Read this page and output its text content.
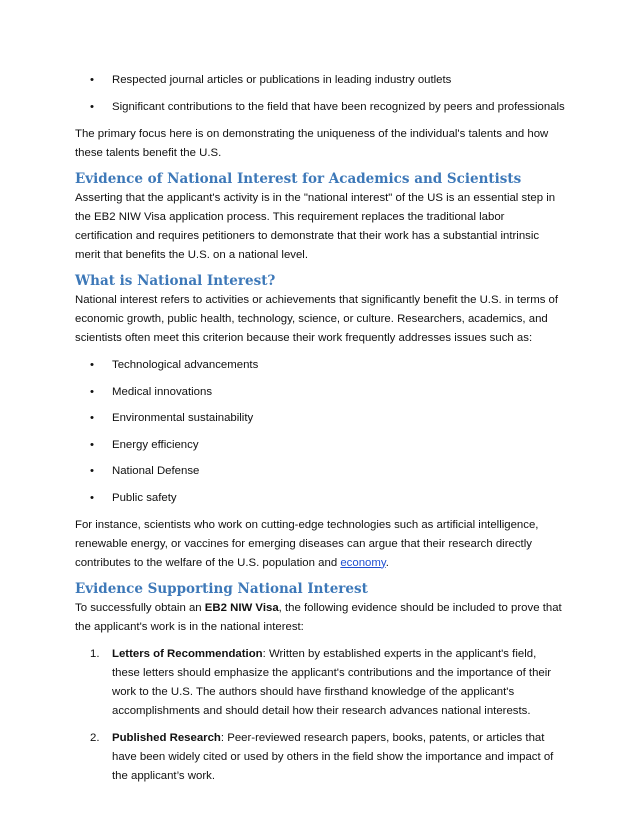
• Respected journal articles or publications in leading industry outlets
• Significant contributions to the field that have been recognized by peers and professionals

The primary focus here is on demonstrating the uniqueness of the individual's talents and how these talents benefit the U.S.

Evidence of National Interest for Academics and Scientists

Asserting that the applicant's activity is in the "national interest" of the US is an essential step in the EB2 NIW Visa application process. This requirement replaces the traditional labor certification and requires petitioners to demonstrate that their work has a substantial intrinsic merit that benefits the U.S. on a national level.

What is National Interest?

National interest refers to activities or achievements that significantly benefit the U.S. in terms of economic growth, public health, technology, science, or culture. Researchers, academics, and scientists often meet this criterion because their work frequently addresses issues such as:

• Technological advancements
• Medical innovations
• Environmental sustainability
• Energy efficiency
• National Defense
• Public safety

For instance, scientists who work on cutting-edge technologies such as artificial intelligence, renewable energy, or vaccines for emerging diseases can argue that their research directly contributes to the welfare of the U.S. population and economy.

Evidence Supporting National Interest

To successfully obtain an EB2 NIW Visa, the following evidence should be included to prove that the applicant's work is in the national interest:

1. Letters of Recommendation: Written by established experts in the applicant's field, these letters should emphasize the applicant's contributions and the importance of their work to the U.S. The authors should have firsthand knowledge of the applicant's accomplishments and should detail how their research advances national interests.
2. Published Research: Peer-reviewed research papers, books, patents, or articles that have been widely cited or used by others in the field show the importance and impact of the applicant’s work.
